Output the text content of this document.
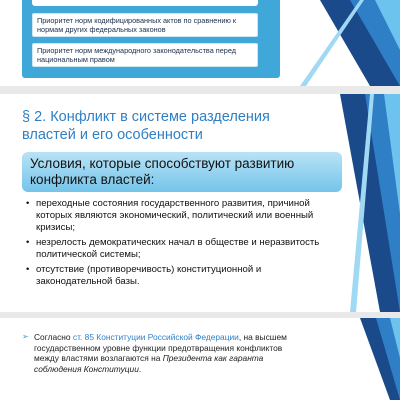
Приоритет норм кодифицированных актов по сравнению к нормам других федеральных законов
Приоритет норм международного законодательства перед национальным правом
§ 2. Конфликт в системе разделения властей и его особенности
Условия, которые способствуют развитию конфликта властей:
• переходные состояния государственного развития, причиной которых являются экономический, политический или военный кризисы;
• незрелость демократических начал в обществе и неразвитость политической системы;
• отсутствие (противоречивость) конституционной и законодательной базы.
➢ Согласно ст. 85 Конституции Российской Федерации, на высшем государственном уровне функции предотвращения конфликтов между властями возлагаются на Президента как гаранта соблюдения Конституции.
